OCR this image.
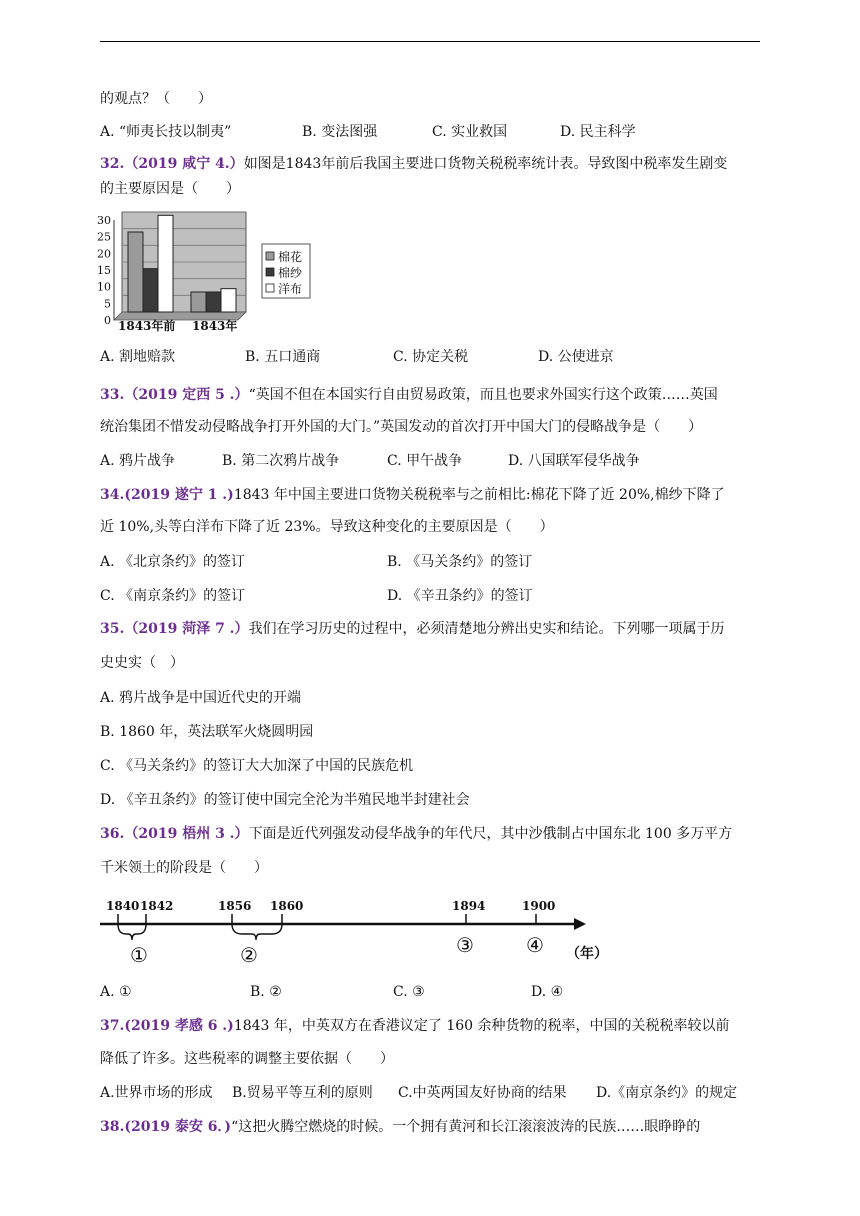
的观点？（　　）
A. “师夷长技以制夷”	B. 变法图强	C. 实业救国	D. 民主科学
32.（2019 咸宁 4.）如图是1843年前后我国主要进口货物关税税率统计表。导致图中税率发生剧变
的主要原因是（　　）
0
5
10
15
20
25
30
1843年前 1843年
棉花
棉纱
洋布
A. 割地赔款	B. 五口通商	C. 协定关税	D. 公使进京
33.（2019 定西 5 .）“英国不但在本国实行自由贸易政策，而且也要求外国实行这个政策……英国
统治集团不惜发动侵略战争打开外国的大门。”英国发动的首次打开中国大门的侵略战争是（　　）
A. 鸦片战争	B. 第二次鸦片战争	C. 甲午战争	D. 八国联军侵华战争
34.(2019 遂宁 1 .)1843 年中国主要进口货物关税税率与之前相比:棉花下降了近 20%,棉纱下降了
近 10%,头等白洋布下降了近 23%。导致这种变化的主要原因是（　　）
A. 《北京条约》的签订	B. 《马关条约》的签订
C. 《南京条约》的签订	D. 《辛丑条约》的签订
35.（2019 菏泽 7 .）我们在学习历史的过程中，必须清楚地分辨出史实和结论。下列哪一项属于历
史史实（　）
A. 鸦片战争是中国近代史的开端
B. 1860 年，英法联军火烧圆明园
C. 《马关条约》的签订大大加深了中国的民族危机
D. 《辛丑条约》的签订使中国完全沦为半殖民地半封建社会
36.（2019 梧州 3 .）下面是近代列强发动侵华战争的年代尺，其中沙俄制占中国东北 100 多万平方
千米领土的阶段是（　　）
1840 1842	1856 1860	1894	1900
①	②	③	④ （年）
A. ①	B. ②	C. ③	D. ④
37.(2019 孝感 6 .)1843 年，中英双方在香港议定了 160 余种货物的税率，中国的关税税率较以前
降低了许多。这些税率的调整主要依据（　　）
A.世界市场的形成 B.贸易平等互利的原则 C.中英两国友好协商的结果 D.《南京条约》的规定
38.(2019 泰安 6．)“这把火腾空燃烧的时候。一个拥有黄河和长江滚滚波涛的民族……眼睁睁的
